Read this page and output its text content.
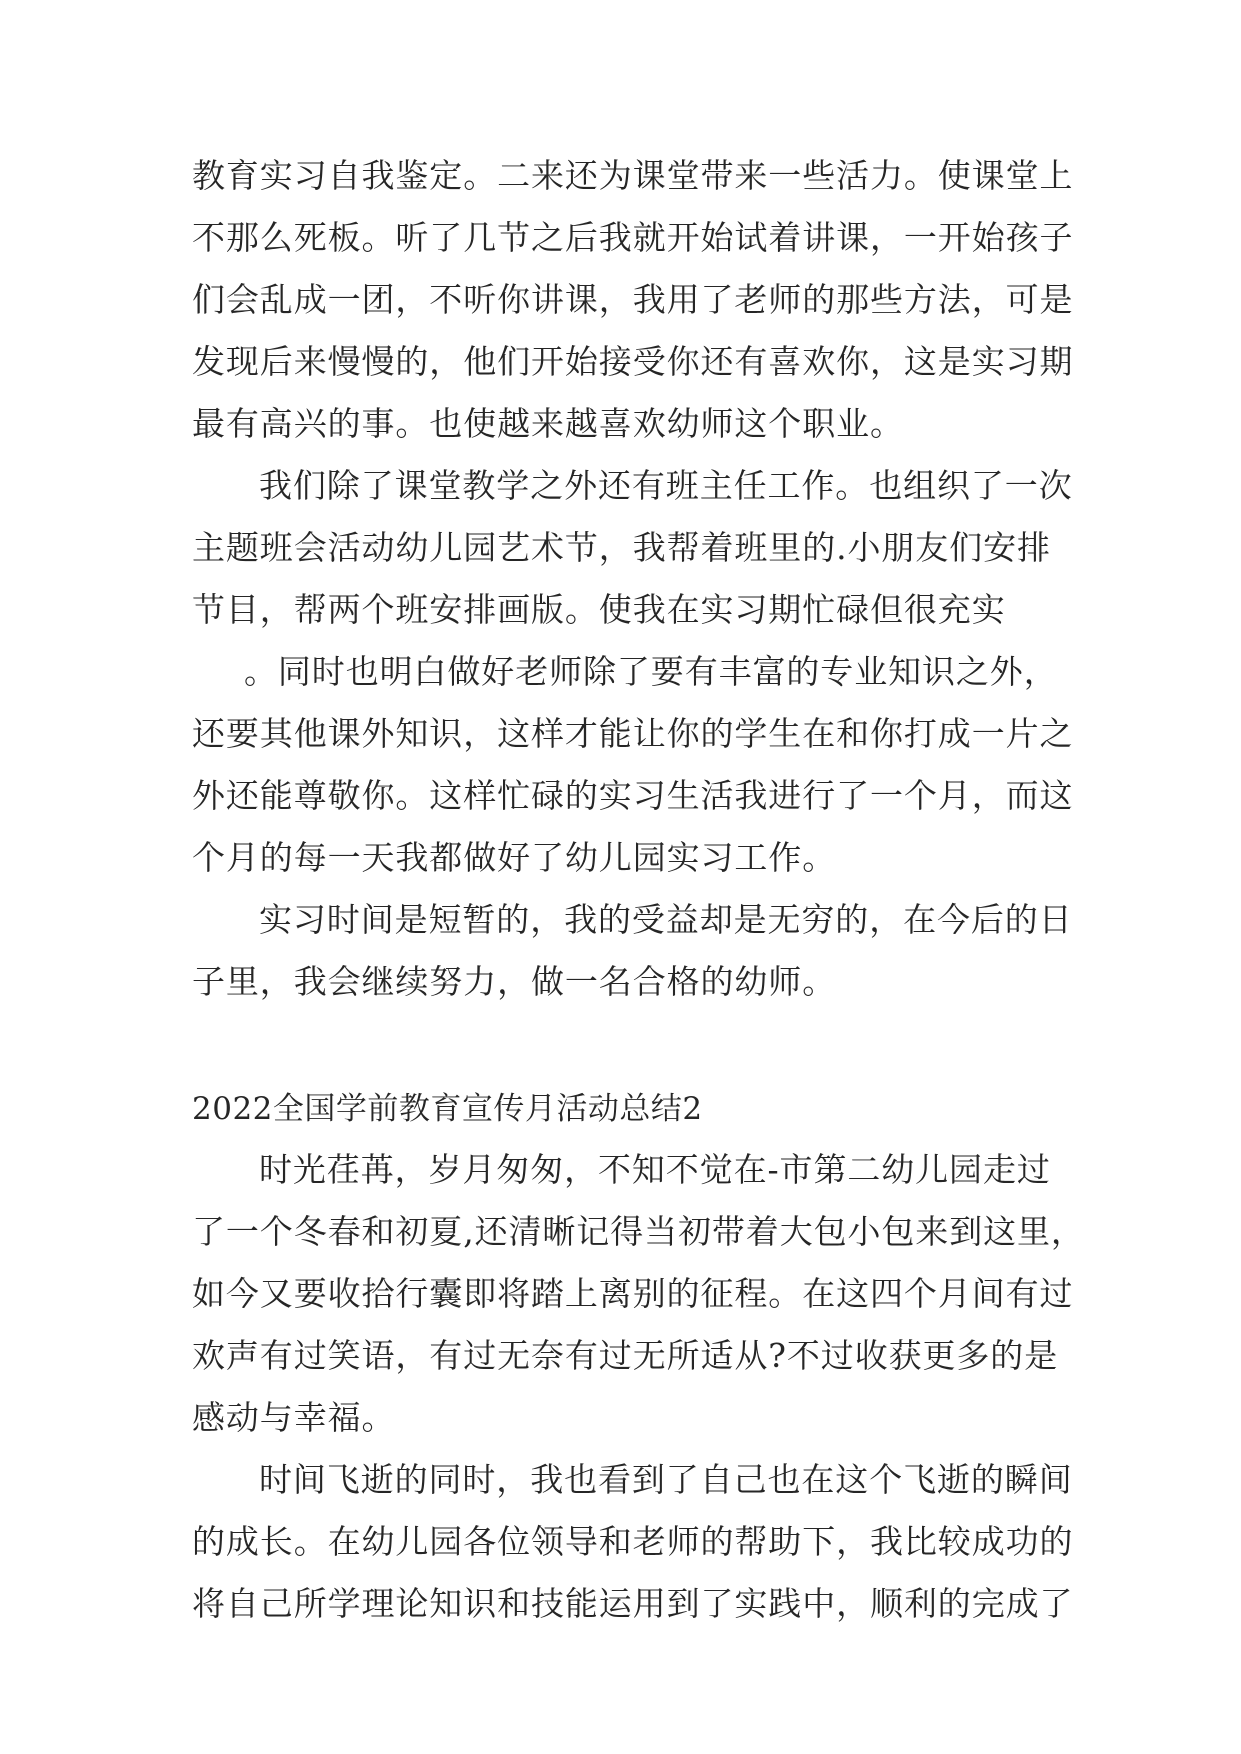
教育实习自我鉴定。二来还为课堂带来一些活力。使课堂上

不那么死板。听了几节之后我就开始试着讲课，一开始孩子

们会乱成一团，不听你讲课，我用了老师的那些方法，可是

发现后来慢慢的，他们开始接受你还有喜欢你，这是实习期

最有高兴的事。也使越来越喜欢幼师这个职业。

我们除了课堂教学之外还有班主任工作。也组织了一次

主题班会活动幼儿园艺术节，我帮着班里的.小朋友们安排

节目，帮两个班安排画版。使我在实习期忙碌但很充实

。同时也明白做好老师除了要有丰富的专业知识之外，

还要其他课外知识，这样才能让你的学生在和你打成一片之

外还能尊敬你。这样忙碌的实习生活我进行了一个月，而这

个月的每一天我都做好了幼儿园实习工作。

实习时间是短暂的，我的受益却是无穷的，在今后的日

子里，我会继续努力，做一名合格的幼师。

2022全国学前教育宣传月活动总结2

时光荏苒，岁月匆匆，不知不觉在-市第二幼儿园走过

了一个冬春和初夏,还清晰记得当初带着大包小包来到这里，

如今又要收拾行囊即将踏上离别的征程。在这四个月间有过

欢声有过笑语，有过无奈有过无所适从?不过收获更多的是

感动与幸福。

时间飞逝的同时，我也看到了自己也在这个飞逝的瞬间

的成长。在幼儿园各位领导和老师的帮助下，我比较成功的

将自己所学理论知识和技能运用到了实践中，顺利的完成了
